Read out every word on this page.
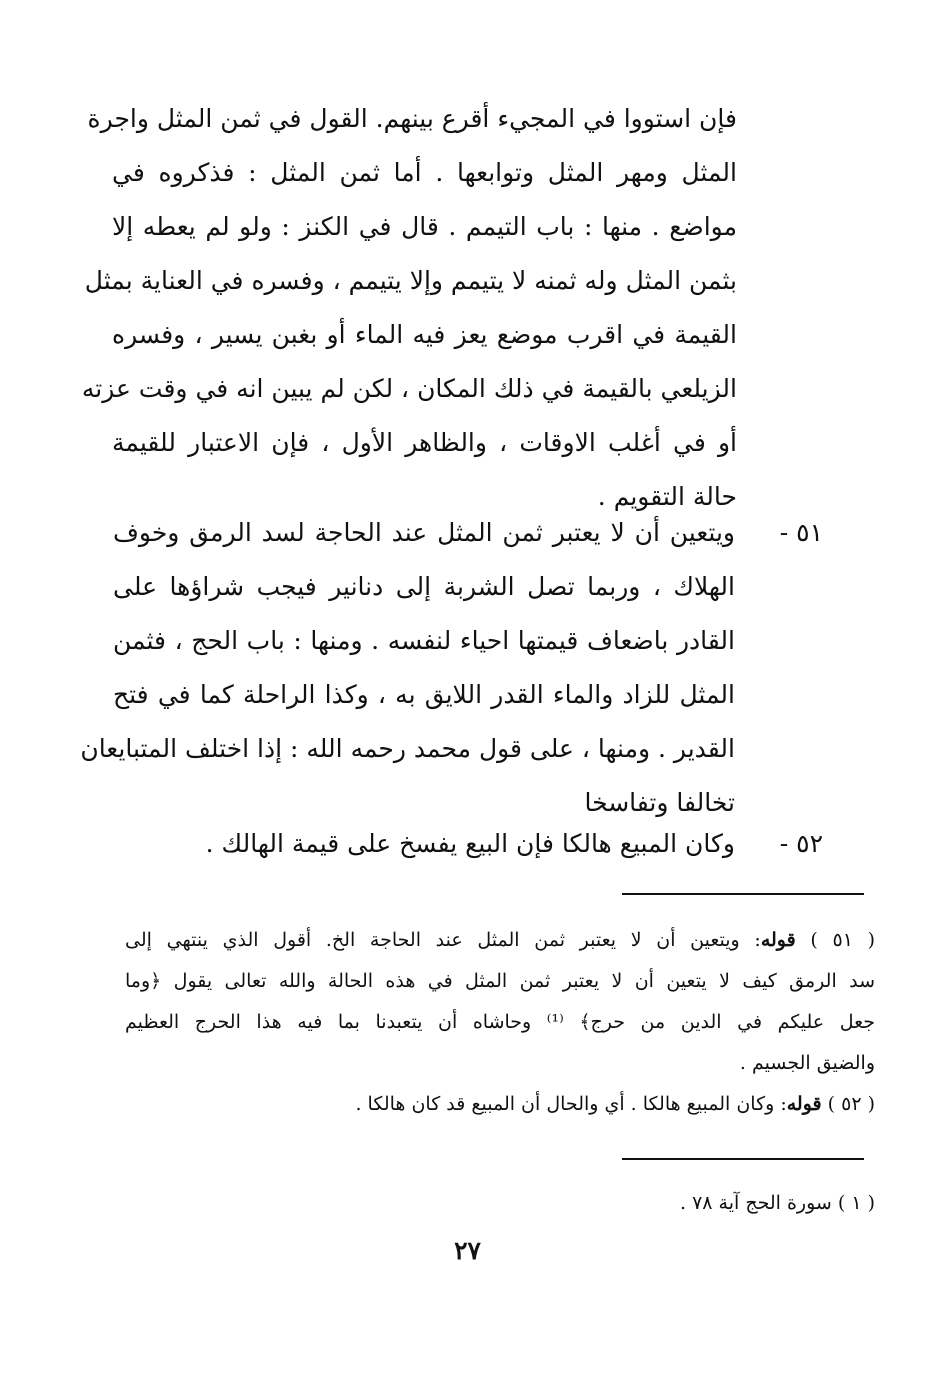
فإن استووا في المجيء أقرع بينهم. القول في ثمن المثل واجرة
المثل ومهر المثل وتوابعها . أما ثمن المثل : فذكروه في
مواضع . منها : باب التيمم . قال في الكنز : ولو لم يعطه إلا
بثمن المثل وله ثمنه لا يتيمم وإلا يتيمم ، وفسره في العناية بمثل
القيمة في اقرب موضع يعز فيه الماء أو بغبن يسير ، وفسره
الزيلعي بالقيمة في ذلك المكان ، لكن لم يبين انه في وقت عزته
أو في أغلب الاوقات ، والظاهر الأول ، فإن الاعتبار للقيمة
حالة التقويم .
٥١ -
ويتعين أن لا يعتبر ثمن المثل عند الحاجة لسد الرمق وخوف
الهلاك ، وربما تصل الشربة إلى دنانير فيجب شراؤها على
القادر باضعاف قيمتها احياء لنفسه . ومنها : باب الحج ، فثمن
المثل للزاد والماء القدر اللايق به ، وكذا الراحلة كما في فتح
القدير . ومنها ، على قول محمد رحمه الله : إذا اختلف المتبايعان
تخالفا وتفاسخا
٥٢ -
وكان المبيع هالكا فإن البيع يفسخ على قيمة الهالك .
( ٥١ ) قوله: ويتعين أن لا يعتبر ثمن المثل عند الحاجة الخ. أقول الذي ينتهي إلى
سد الرمق كيف لا يتعين أن لا يعتبر ثمن المثل في هذه الحالة والله تعالى يقول ﴿وما
جعل عليكم في الدين من حرج﴾ ⁽¹⁾ وحاشاه أن يتعبدنا بما فيه هذا الحرج العظيم
والضيق الجسيم .
( ٥٢ ) قوله: وكان المبيع هالكا . أي والحال أن المبيع قد كان هالكا .
( ١ ) سورة الحج آية ٧٨ .
٢٧
